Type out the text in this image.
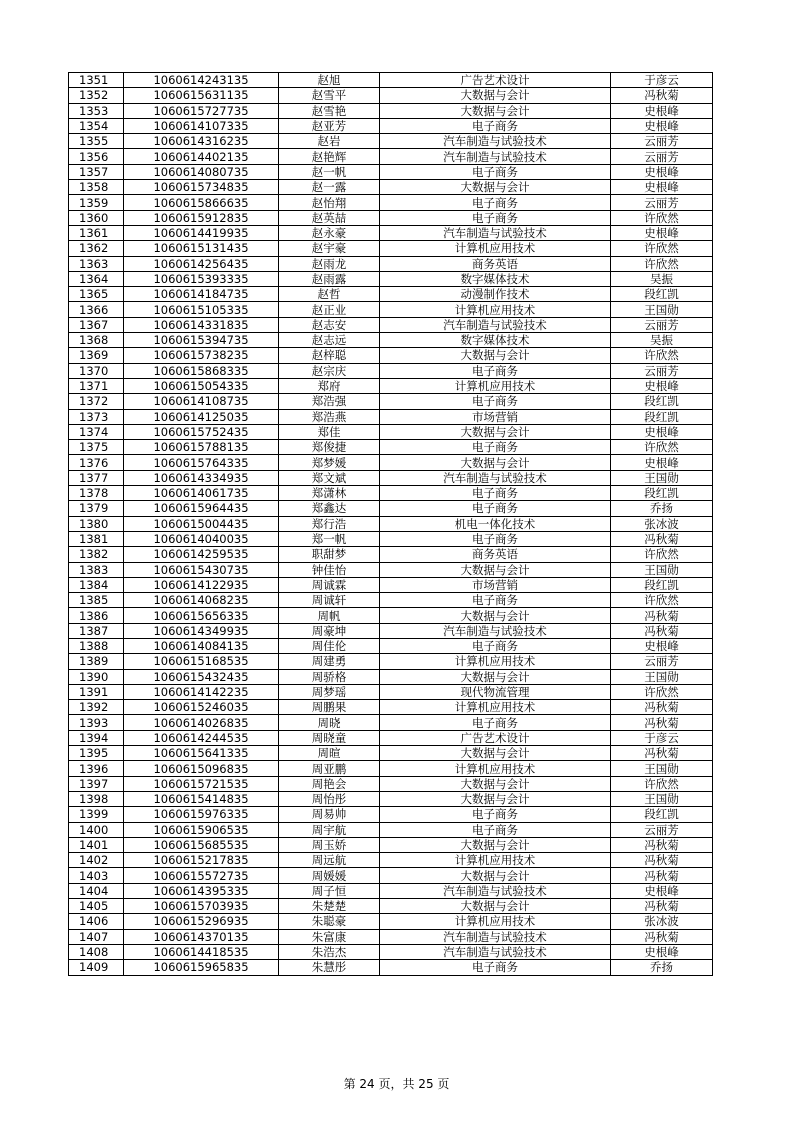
1351	1060614243135	赵旭	广告艺术设计	于彦云
1352	1060615631135	赵雪平	大数据与会计	冯秋菊
1353	1060615727735	赵雪艳	大数据与会计	史根峰
1354	1060614107335	赵亚芳	电子商务	史根峰
1355	1060614316235	赵岩	汽车制造与试验技术	云丽芳
1356	1060614402135	赵艳辉	汽车制造与试验技术	云丽芳
1357	1060614080735	赵一帆	电子商务	史根峰
1358	1060615734835	赵一露	大数据与会计	史根峰
1359	1060615866635	赵怡翔	电子商务	云丽芳
1360	1060615912835	赵英喆	电子商务	许欣然
1361	1060614419935	赵永豪	汽车制造与试验技术	史根峰
1362	1060615131435	赵宇豪	计算机应用技术	许欣然
1363	1060614256435	赵雨龙	商务英语	许欣然
1364	1060615393335	赵雨露	数字媒体技术	吴振
1365	1060614184735	赵哲	动漫制作技术	段红凯
1366	1060615105335	赵正业	计算机应用技术	王国勋
1367	1060614331835	赵志安	汽车制造与试验技术	云丽芳
1368	1060615394735	赵志远	数字媒体技术	吴振
1369	1060615738235	赵梓聪	大数据与会计	许欣然
1370	1060615868335	赵宗庆	电子商务	云丽芳
1371	1060615054335	郑府	计算机应用技术	史根峰
1372	1060614108735	郑浩强	电子商务	段红凯
1373	1060614125035	郑浩燕	市场营销	段红凯
1374	1060615752435	郑佳	大数据与会计	史根峰
1375	1060615788135	郑俊捷	电子商务	许欣然
1376	1060615764335	郑梦媛	大数据与会计	史根峰
1377	1060614334935	郑文斌	汽车制造与试验技术	王国勋
1378	1060614061735	郑潇林	电子商务	段红凯
1379	1060615964435	郑鑫达	电子商务	乔扬
1380	1060615004435	郑行浩	机电一体化技术	张冰波
1381	1060614040035	郑一帆	电子商务	冯秋菊
1382	1060614259535	职甜梦	商务英语	许欣然
1383	1060615430735	钟佳怡	大数据与会计	王国勋
1384	1060614122935	周诚霖	市场营销	段红凯
1385	1060614068235	周诚轩	电子商务	许欣然
1386	1060615656335	周帆	大数据与会计	冯秋菊
1387	1060614349935	周豪坤	汽车制造与试验技术	冯秋菊
1388	1060614084135	周佳伦	电子商务	史根峰
1389	1060615168535	周建勇	计算机应用技术	云丽芳
1390	1060615432435	周骄格	大数据与会计	王国勋
1391	1060614142235	周梦瑶	现代物流管理	许欣然
1392	1060615246035	周鹏果	计算机应用技术	冯秋菊
1393	1060614026835	周晓	电子商务	冯秋菊
1394	1060614244535	周晓童	广告艺术设计	于彦云
1395	1060615641335	周暄	大数据与会计	冯秋菊
1396	1060615096835	周亚鹏	计算机应用技术	王国勋
1397	1060615721535	周艳会	大数据与会计	许欣然
1398	1060615414835	周怡彤	大数据与会计	王国勋
1399	1060615976335	周易帅	电子商务	段红凯
1400	1060615906535	周宇航	电子商务	云丽芳
1401	1060615685535	周玉娇	大数据与会计	冯秋菊
1402	1060615217835	周远航	计算机应用技术	冯秋菊
1403	1060615572735	周媛媛	大数据与会计	冯秋菊
1404	1060614395335	周子恒	汽车制造与试验技术	史根峰
1405	1060615703935	朱楚楚	大数据与会计	冯秋菊
1406	1060615296935	朱聪豪	计算机应用技术	张冰波
1407	1060614370135	朱富康	汽车制造与试验技术	冯秋菊
1408	1060614418535	朱浩杰	汽车制造与试验技术	史根峰
1409	1060615965835	朱慧彤	电子商务	乔扬
第 24 页，共 25 页
